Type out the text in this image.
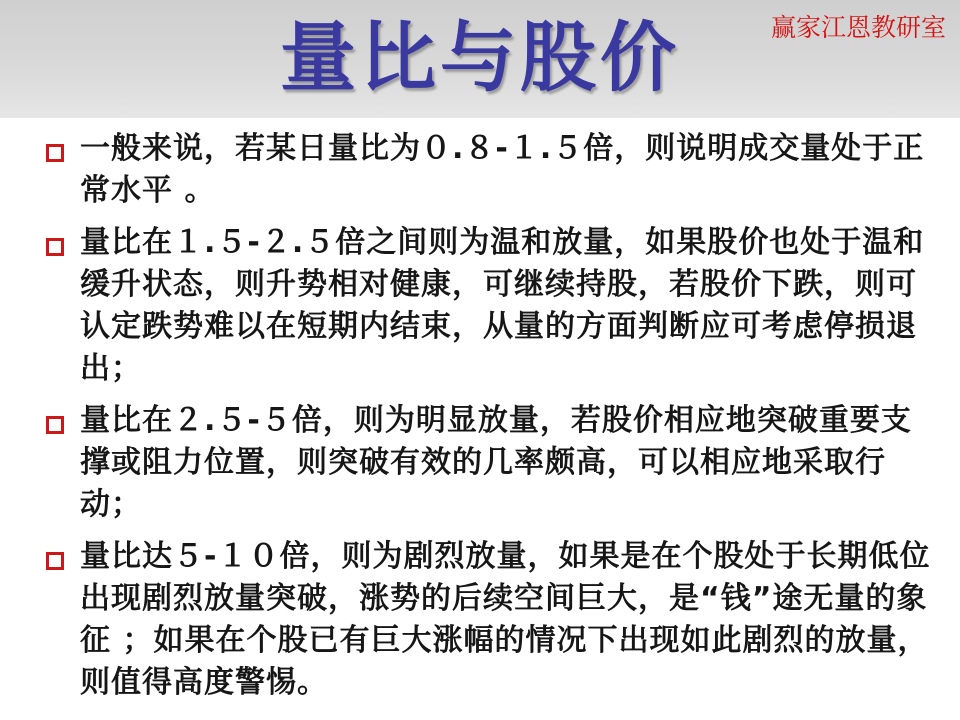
量比与股价	赢家江恩教研室
一般来说，若某日量比为０.８-１.５倍，则说明成交量处于正常水平 。
量比在１.５-２.５倍之间则为温和放量，如果股价也处于温和缓升状态，则升势相对健康，可继续持股，若股价下跌，则可认定跌势难以在短期内结束，从量的方面判断应可考虑停损退出；
量比在２.５-５倍，则为明显放量，若股价相应地突破重要支撑或阻力位置，则突破有效的几率颇高，可以相应地采取行动；
量比达５-１０倍，则为剧烈放量，如果是在个股处于长期低位出现剧烈放量突破，涨势的后续空间巨大，是“钱”途无量的象征 ；如果在个股已有巨大涨幅的情况下出现如此剧烈的放量，则值得高度警惕。
